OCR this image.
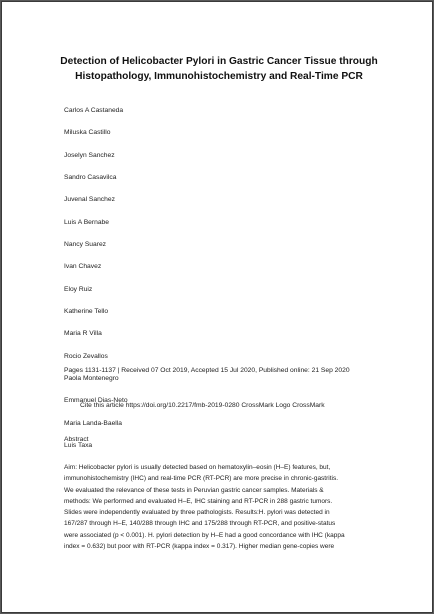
Detection of Helicobacter Pylori in Gastric Cancer Tissue through Histopathology, Immunohistochemistry and Real-Time PCR
Carlos A Castaneda
Miluska Castillo
Joselyn Sanchez
Sandro Casavilca
Juvenal Sanchez
Luis A Bernabe
Nancy Suarez
Ivan Chavez
Eloy Ruiz
Katherine Tello
Maria R Villa
Rocio Zevallos
Paola Montenegro
Emmanuel Dias-Neto
Maria Landa-Baella
Luis Taxa
Pages 1131-1137 | Received 07 Oct 2019, Accepted 15 Jul 2020, Published online: 21 Sep 2020
Cite this article https://doi.org/10.2217/fmb-2019-0280 CrossMark Logo CrossMark
Abstract
Aim: Helicobacter pylori is usually detected based on hematoxylin–eosin (H–E) features, but,
immunohistochemistry (IHC) and real-time PCR (RT-PCR) are more precise in chronic-gastritis.
We evaluated the relevance of these tests in Peruvian gastric cancer samples. Materials &
methods: We performed and evaluated H–E, IHC staining and RT-PCR in 288 gastric tumors.
Slides were independently evaluated by three pathologists. Results:H. pylori was detected in
167/287 through H–E, 140/288 through IHC and 175/288 through RT-PCR, and positive-status
were associated (p < 0.001). H. pylori detection by H–E had a good concordance with IHC (kappa
index = 0.632) but poor with RT-PCR (kappa index = 0.317). Higher median gene-copies were
